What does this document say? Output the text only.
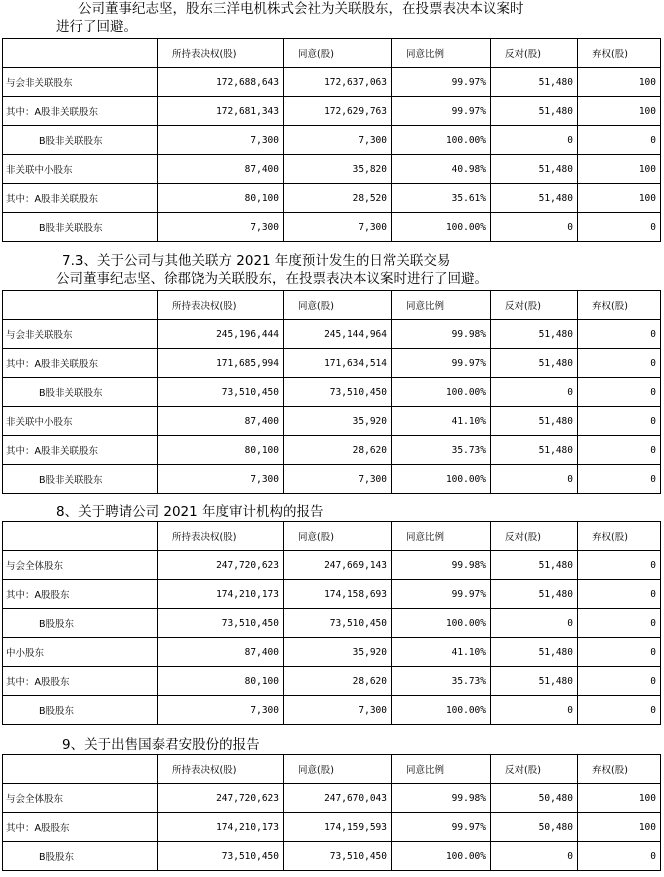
公司董事纪志坚，股东三洋电机株式会社为关联股东，在投票表决本议案时
进行了回避。
	所持表决权(股)	同意(股)	同意比例	反对(股)	弃权(股)
与会非关联股东	172,688,643	172,637,063	99.97%	51,480	100
其中：A股非关联股东	172,681,343	172,629,763	99.97%	51,480	100
B股非关联股东	7,300	7,300	100.00%	0	0
非关联中小股东	87,400	35,820	40.98%	51,480	100
其中：A股非关联股东	80,100	28,520	35.61%	51,480	100
B股非关联股东	7,300	7,300	100.00%	0	0
7.3、关于公司与其他关联方 2021 年度预计发生的日常关联交易
公司董事纪志坚、徐郡饶为关联股东，在投票表决本议案时进行了回避。
	所持表决权(股)	同意(股)	同意比例	反对(股)	弃权(股)
与会非关联股东	245,196,444	245,144,964	99.98%	51,480	0
其中：A股非关联股东	171,685,994	171,634,514	99.97%	51,480	0
B股非关联股东	73,510,450	73,510,450	100.00%	0	0
非关联中小股东	87,400	35,920	41.10%	51,480	0
其中：A股非关联股东	80,100	28,620	35.73%	51,480	0
B股非关联股东	7,300	7,300	100.00%	0	0
8、关于聘请公司 2021 年度审计机构的报告
	所持表决权(股)	同意(股)	同意比例	反对(股)	弃权(股)
与会全体股东	247,720,623	247,669,143	99.98%	51,480	0
其中：A股股东	174,210,173	174,158,693	99.97%	51,480	0
B股股东	73,510,450	73,510,450	100.00%	0	0
中小股东	87,400	35,920	41.10%	51,480	0
其中：A股股东	80,100	28,620	35.73%	51,480	0
B股股东	7,300	7,300	100.00%	0	0
9、关于出售国泰君安股份的报告
	所持表决权(股)	同意(股)	同意比例	反对(股)	弃权(股)
与会全体股东	247,720,623	247,670,043	99.98%	50,480	100
其中：A股股东	174,210,173	174,159,593	99.97%	50,480	100
B股股东	73,510,450	73,510,450	100.00%	0	0
